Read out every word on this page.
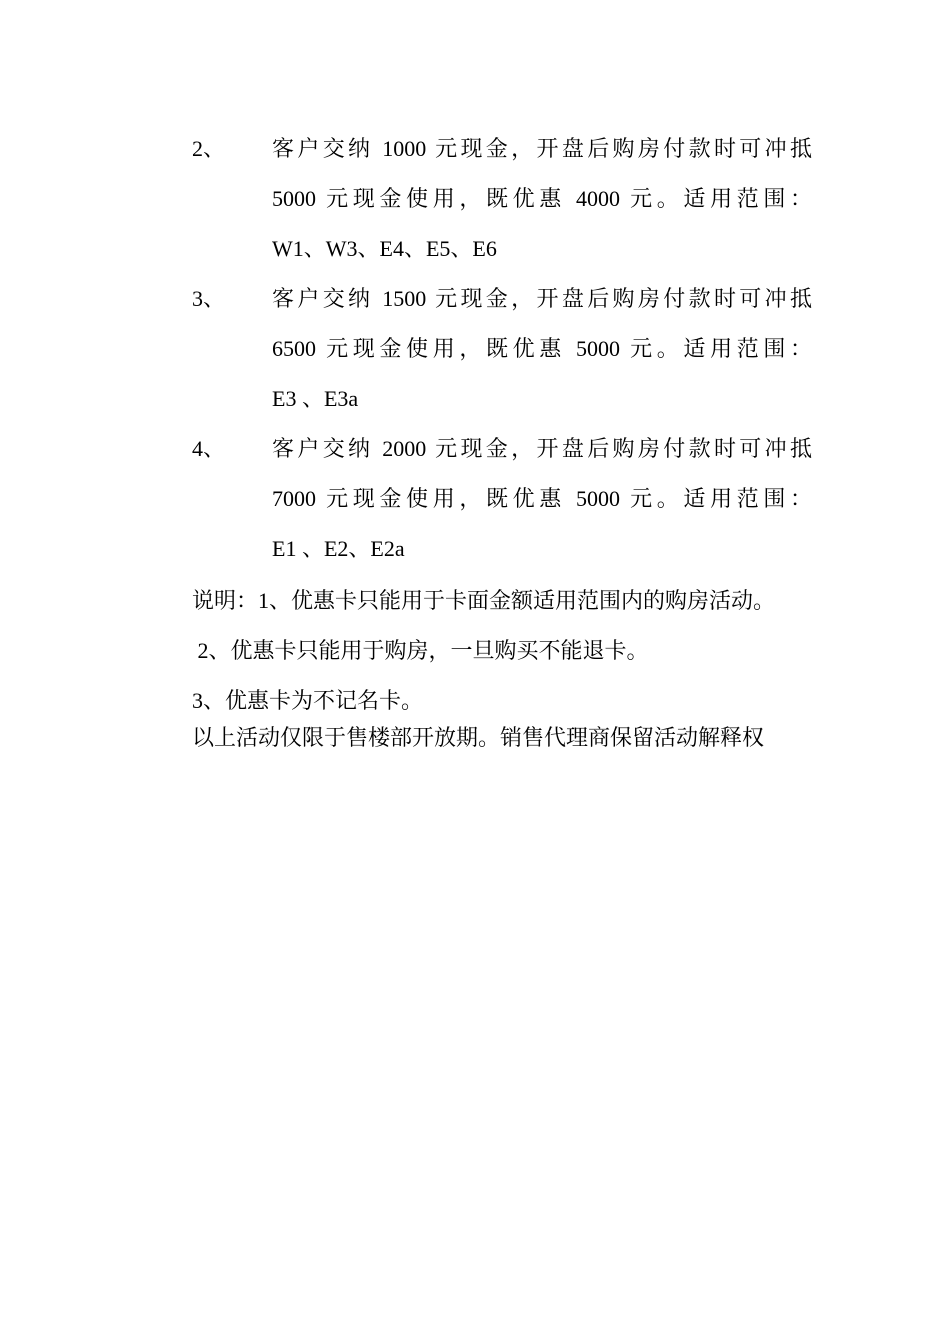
2、 客户交纳 1000 元现金，开盘后购房付款时可冲抵
5000 元现金使用，既优惠 4000 元。适用范围：
W1、W3、E4、E5、E6
3、 客户交纳 1500 元现金，开盘后购房付款时可冲抵
6500 元现金使用，既优惠 5000 元。适用范围：
E3 、E3a
4、 客户交纳 2000 元现金，开盘后购房付款时可冲抵
7000 元现金使用，既优惠 5000 元。适用范围：
E1 、E2、E2a
说明：1、优惠卡只能用于卡面金额适用范围内的购房活动。
2、优惠卡只能用于购房，一旦购买不能退卡。
3、优惠卡为不记名卡。
以上活动仅限于售楼部开放期。销售代理商保留活动解释权
